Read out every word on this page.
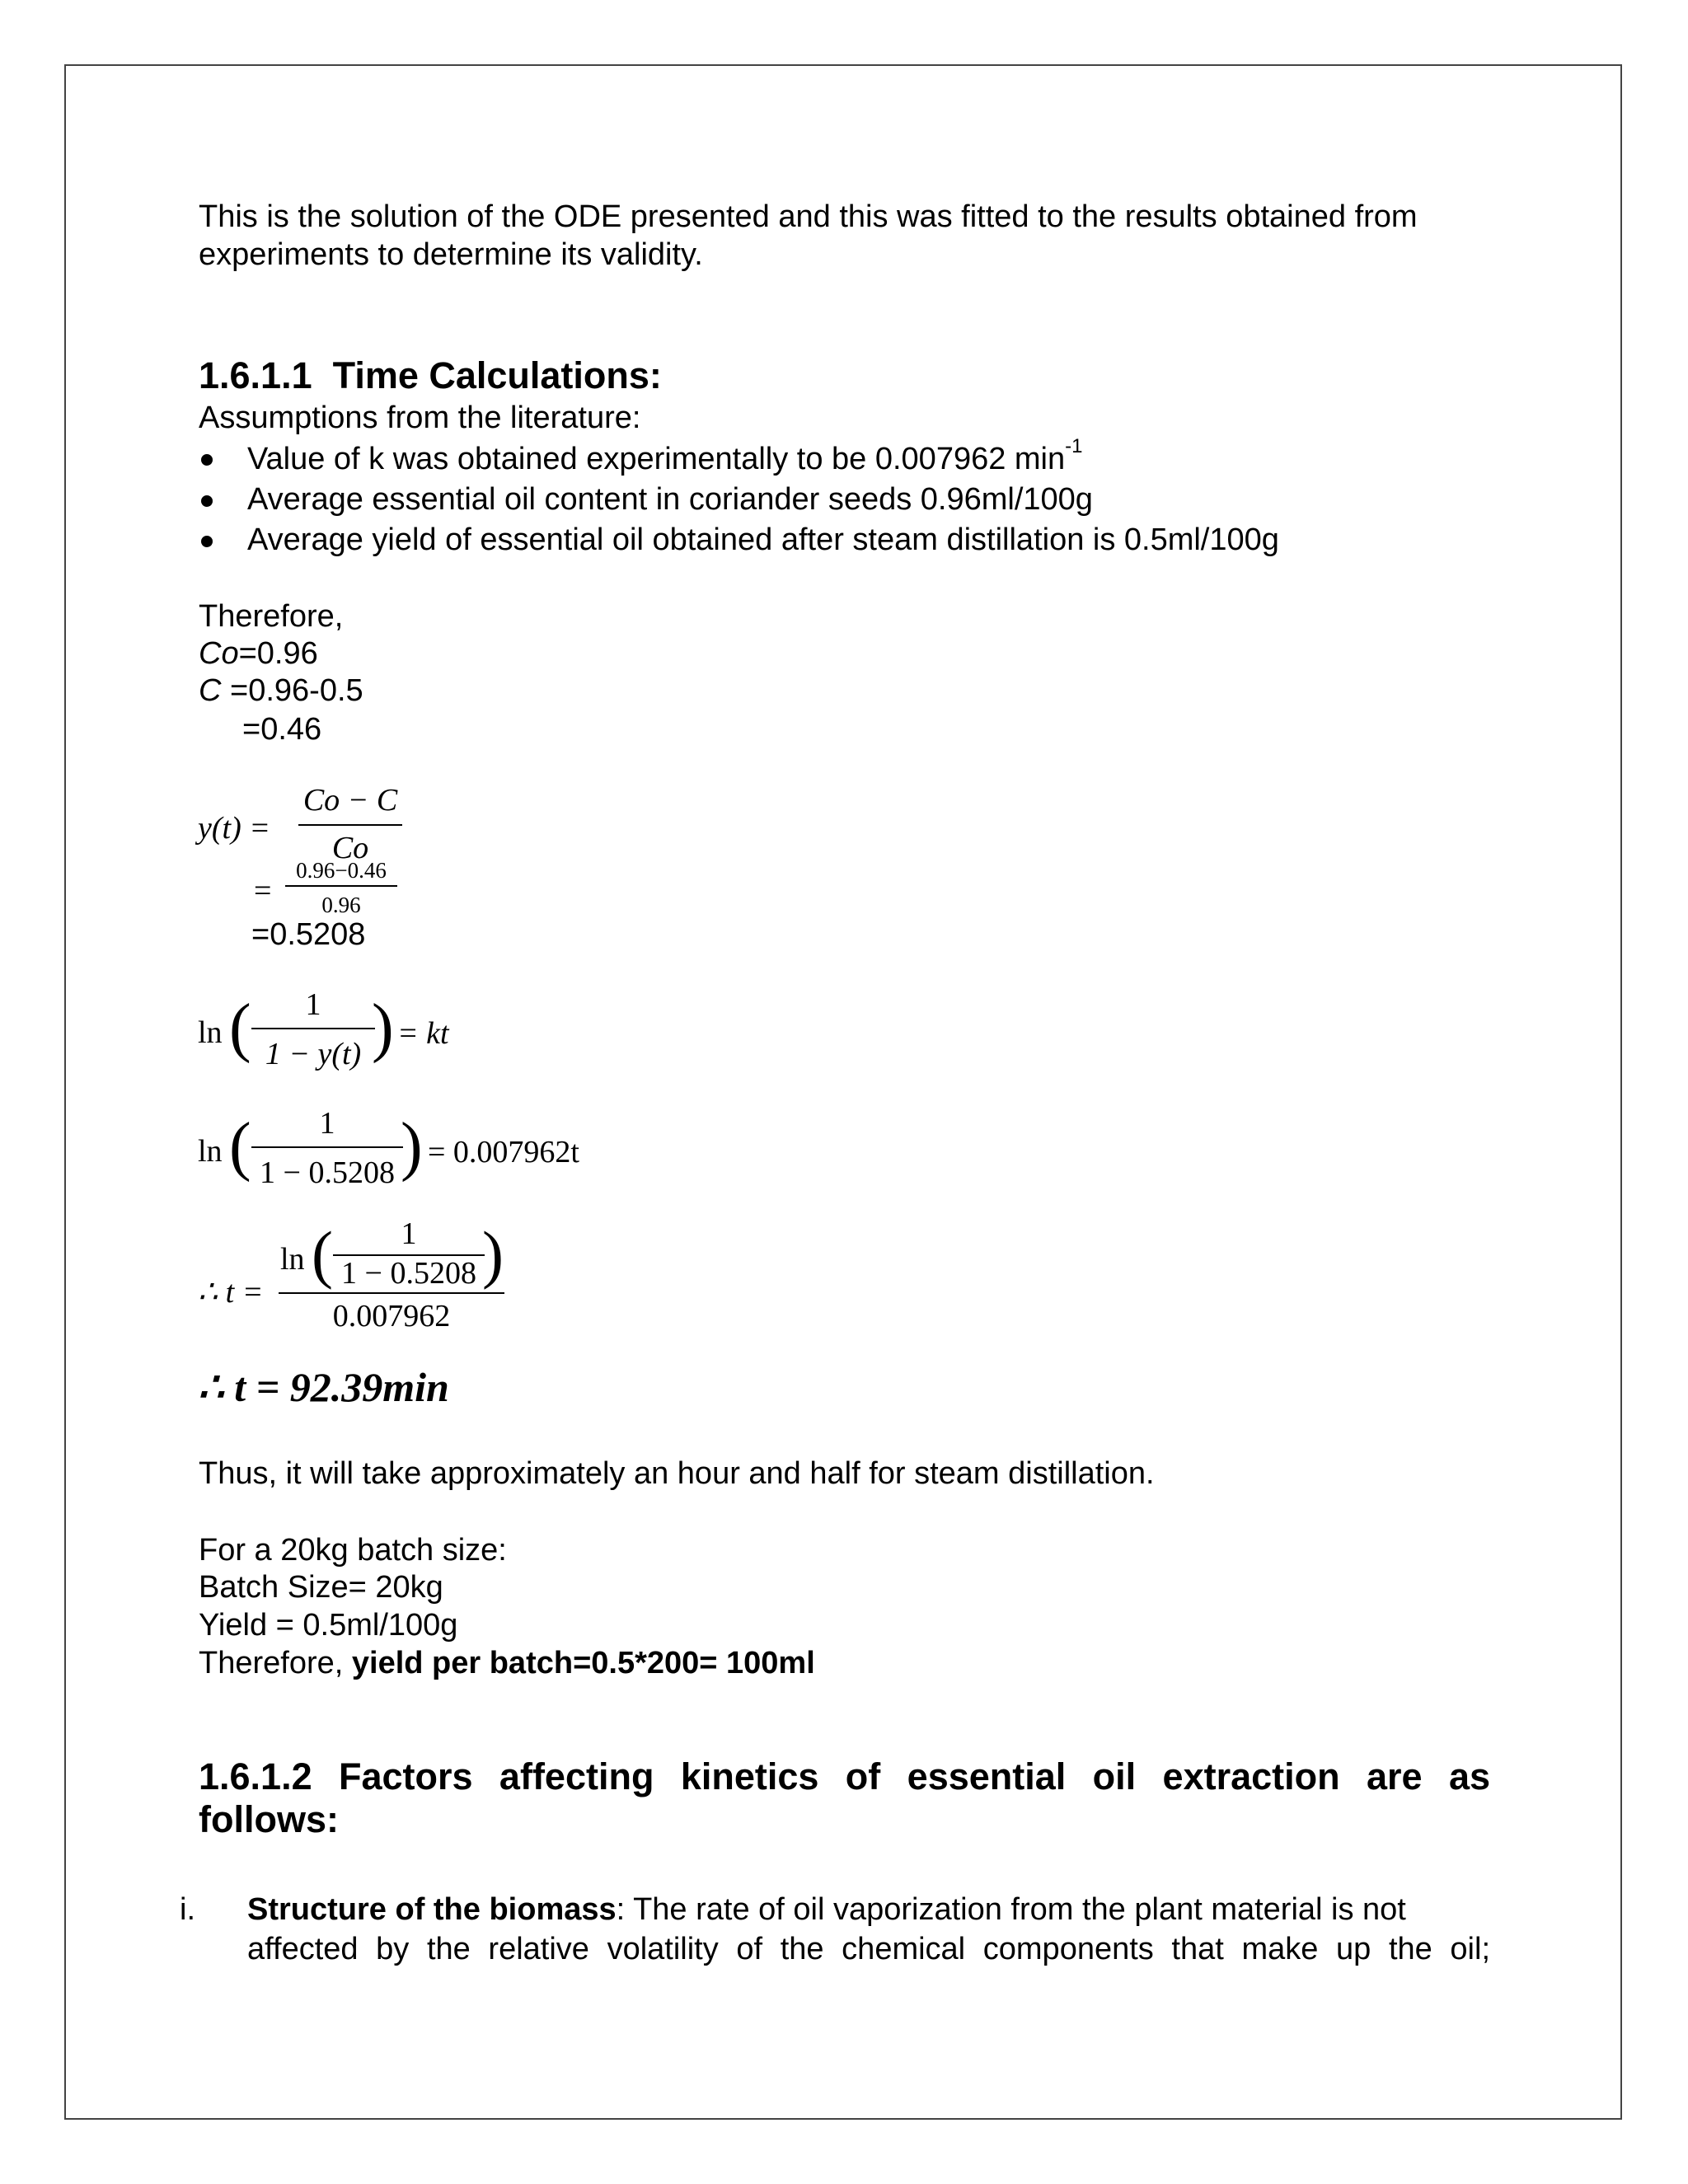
This is the solution of the ODE presented and this was fitted to the results obtained from experiments to determine its validity.
1.6.1.1 Time Calculations:
Assumptions from the literature:
Value of k was obtained experimentally to be 0.007962 $\min^{-1}$
Average essential oil content in coriander seeds 0.96ml/100g
Average yield of essential oil obtained after steam distillation is 0.5ml/100g
Therefore,
Co=0.96
C =0.96-0.5
=0.46
y(t) =
Co − C
Co
=
0.96−0.46
0.96
=0.5208
ln (	1
1 − y(t) ) = kt
ln (	1
1 − 0.5208 ) = 0.007962t
∴ t =
ln (	1
1 − 0.5208 )
0.007962
∴ t = 92.39min
Thus, it will take approximately an hour and half for steam distillation.
For a 20kg batch size:
Batch Size= 20kg
Yield = 0.5ml/100g
Therefore, yield per batch=0.5*200= 100ml
1.6.1.2 Factors affecting kinetics of essential oil extraction are as
follows:
i. Structure of the biomass: The rate of oil vaporization from the plant material is not
affected by the relative volatility of the chemical components that make up the oil;
